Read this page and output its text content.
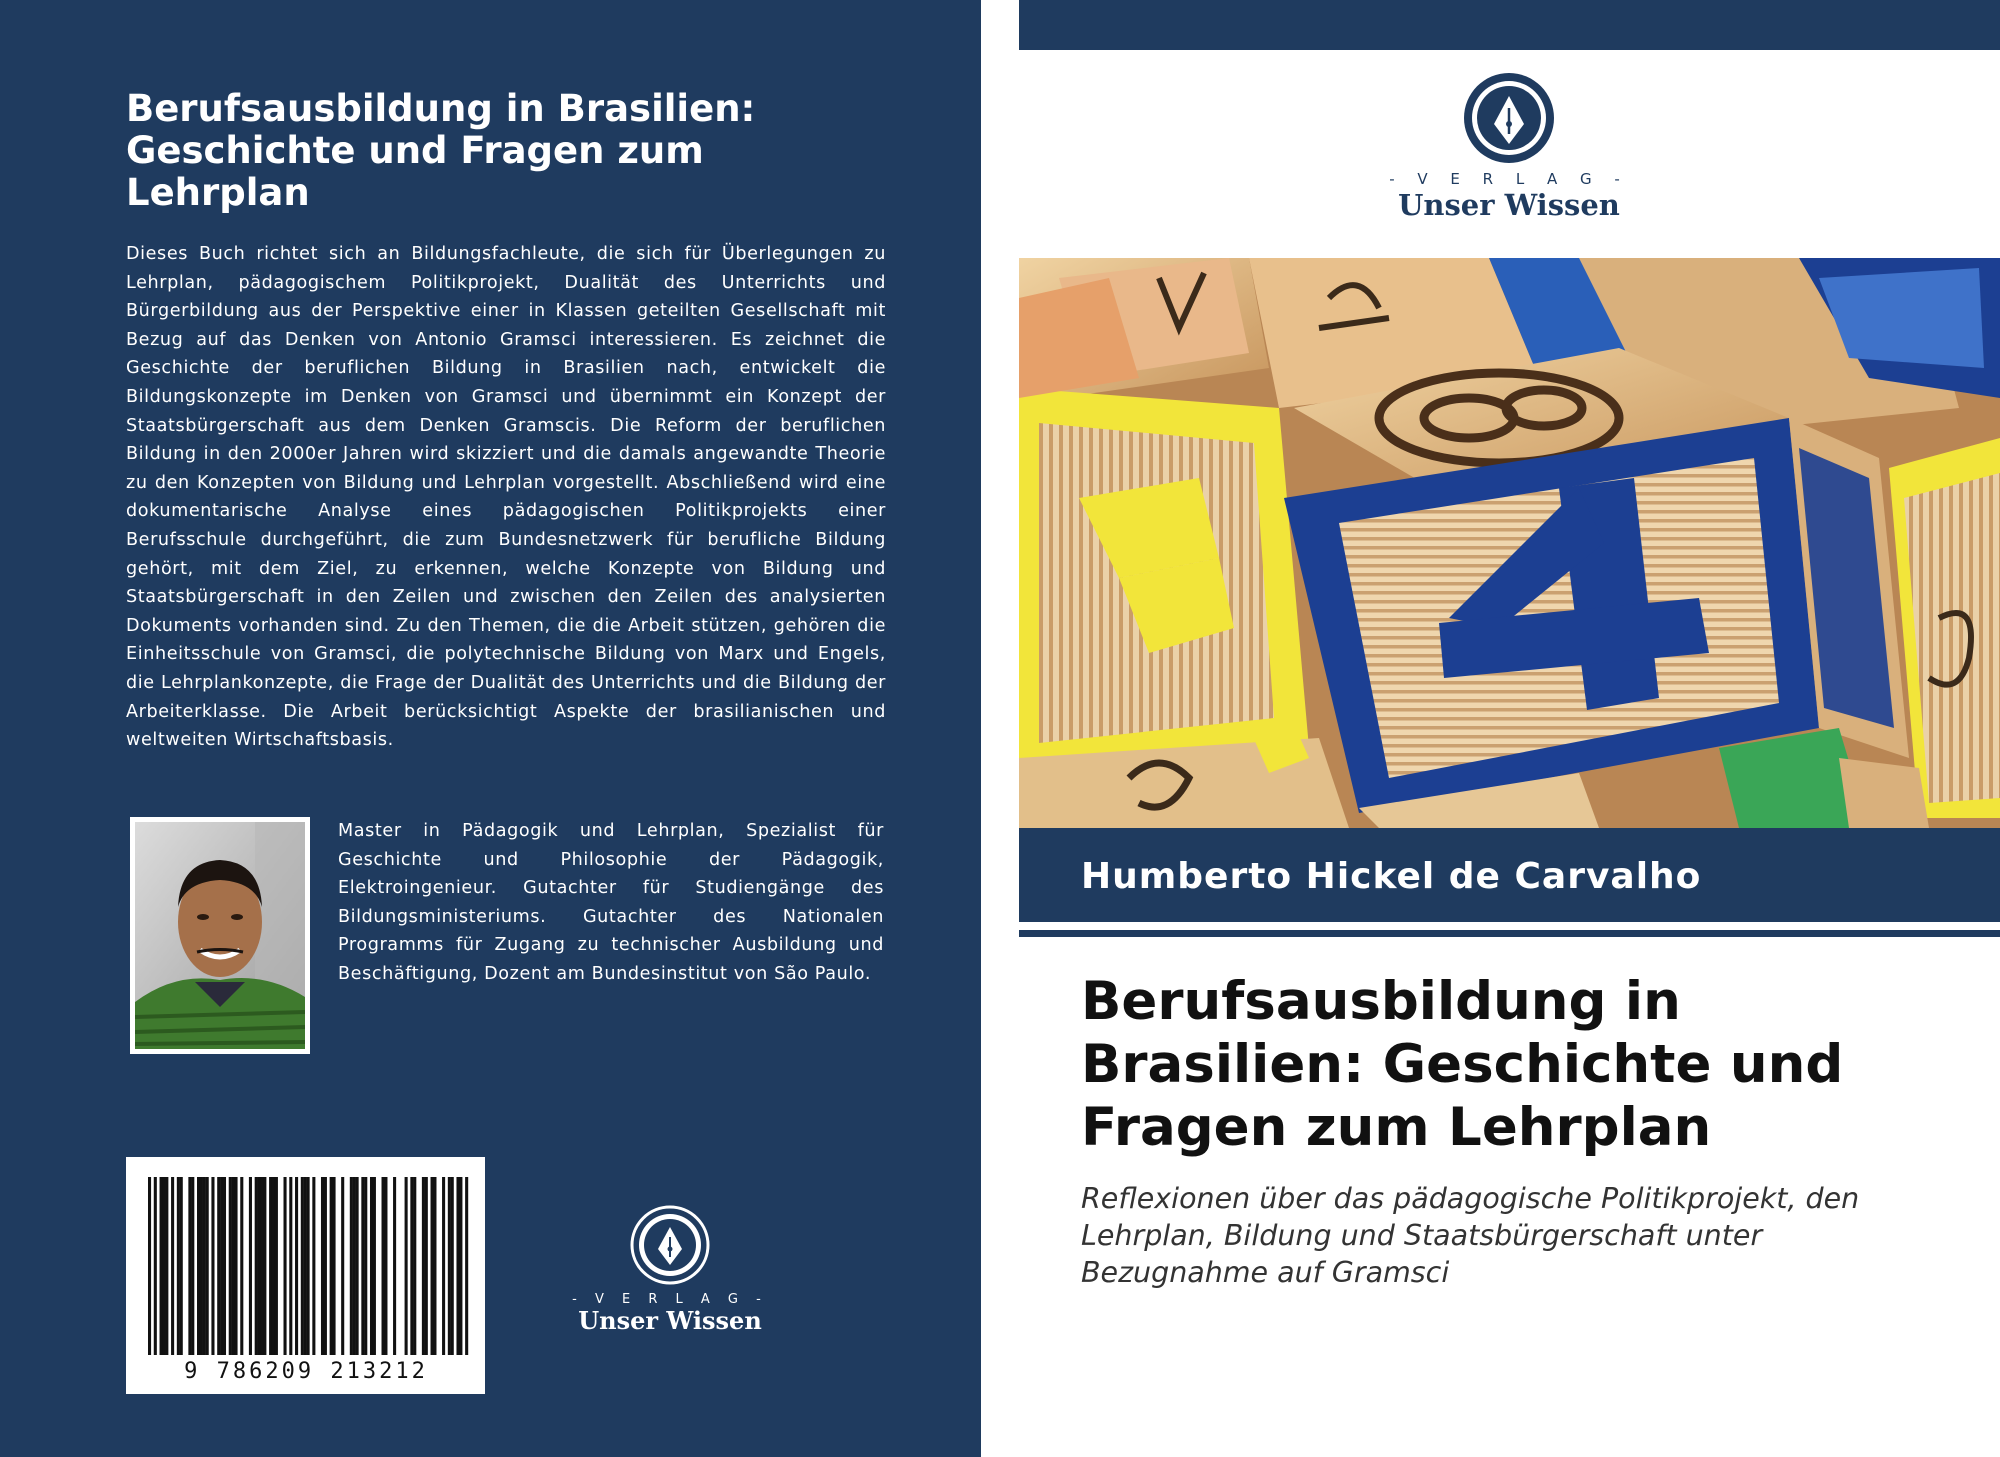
Berufsausbildung in Brasilien: Geschichte und Fragen zum Lehrplan

Dieses Buch richtet sich an Bildungsfachleute, die sich für Überlegungen zu Lehrplan, pädagogischem Politikprojekt, Dualität des Unterrichts und Bürgerbildung aus der Perspektive einer in Klassen geteilten Gesellschaft mit Bezug auf das Denken von Antonio Gramsci interessieren. Es zeichnet die Geschichte der beruflichen Bildung in Brasilien nach, entwickelt die Bildungskonzepte im Denken von Gramsci und übernimmt ein Konzept der Staatsbürgerschaft aus dem Denken Gramscis. Die Reform der beruflichen Bildung in den 2000er Jahren wird skizziert und die damals angewandte Theorie zu den Konzepten von Bildung und Lehrplan vorgestellt. Abschließend wird eine dokumentarische Analyse eines pädagogischen Politikprojekts einer Berufsschule durchgeführt, die zum Bundesnetzwerk für berufliche Bildung gehört, mit dem Ziel, zu erkennen, welche Konzepte von Bildung und Staatsbürgerschaft in den Zeilen und zwischen den Zeilen des analysierten Dokuments vorhanden sind. Zu den Themen, die die Arbeit stützen, gehören die Einheitsschule von Gramsci, die polytechnische Bildung von Marx und Engels, die Lehrplankonzepte, die Frage der Dualität des Unterrichts und die Bildung der Arbeiterklasse. Die Arbeit berücksichtigt Aspekte der brasilianischen und weltweiten Wirtschaftsbasis.

Master in Pädagogik und Lehrplan, Spezialist für Geschichte und Philosophie der Pädagogik, Elektroingenieur. Gutachter für Studiengänge des Bildungsministeriums. Gutachter des Nationalen Programms für Zugang zu technischer Ausbildung und Beschäftigung, Dozent am Bundesinstitut von São Paulo.

9 786209 213212
- V E R L A G -
Unser Wissen
- V E R L A G -
Unser Wissen
4
Humberto Hickel de Carvalho
Berufsausbildung in Brasilien: Geschichte und Fragen zum Lehrplan

Reflexionen über das pädagogische Politikprojekt, den Lehrplan, Bildung und Staatsbürgerschaft unter Bezugnahme auf Gramsci
